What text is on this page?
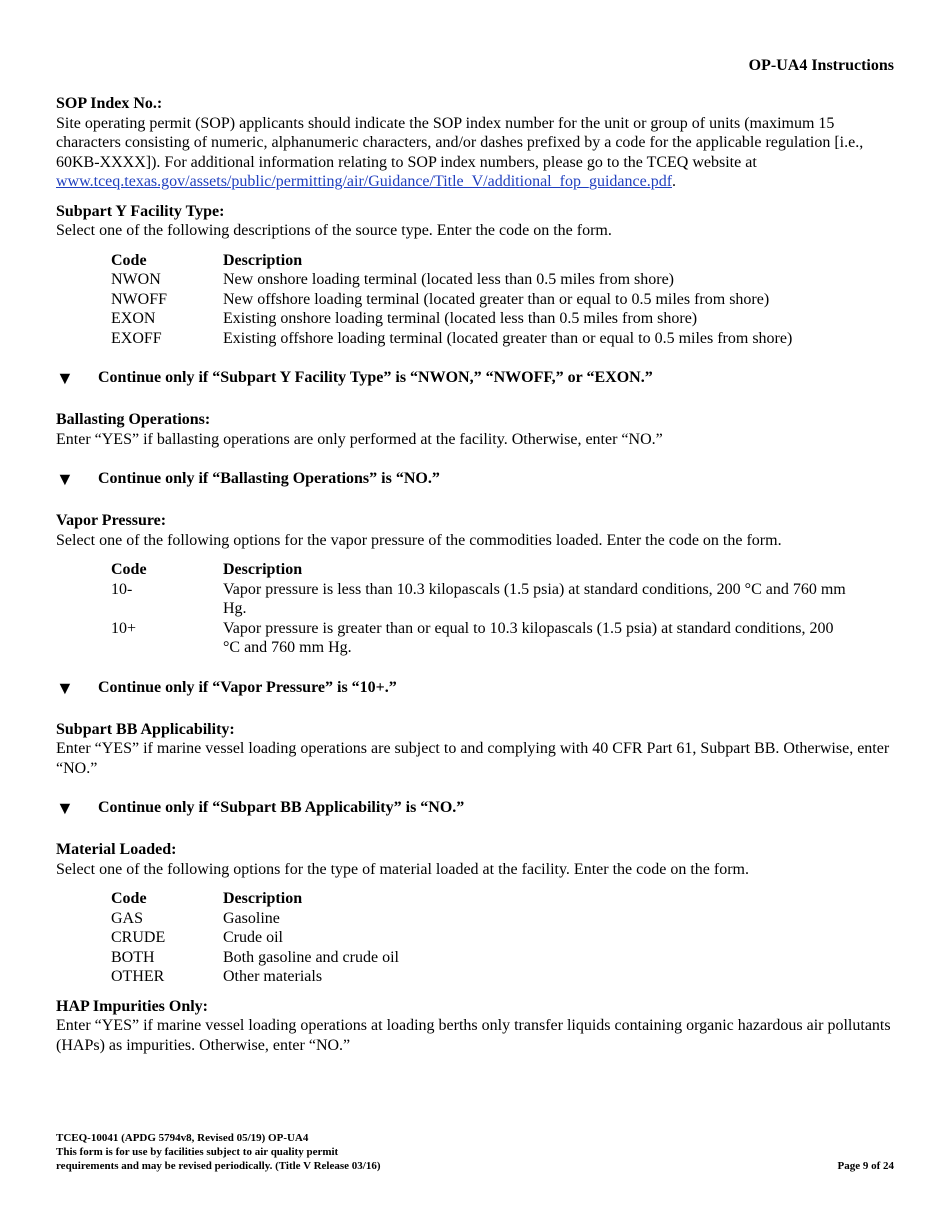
OP-UA4 Instructions

SOP Index No.:

Site operating permit (SOP) applicants should indicate the SOP index number for the unit or group of units (maximum 15 characters consisting of numeric, alphanumeric characters, and/or dashes prefixed by a code for the applicable regulation [i.e., 60KB-XXXX]). For additional information relating to SOP index numbers, please go to the TCEQ website at www.tceq.texas.gov/assets/public/permitting/air/Guidance/Title_V/additional_fop_guidance.pdf.

Subpart Y Facility Type:

Select one of the following descriptions of the source type. Enter the code on the form.

Code	Description
NWON	New onshore loading terminal (located less than 0.5 miles from shore)
NWOFF	New offshore loading terminal (located greater than or equal to 0.5 miles from shore)
EXON	Existing onshore loading terminal (located less than 0.5 miles from shore)
EXOFF	Existing offshore loading terminal (located greater than or equal to 0.5 miles from shore)
▼	Continue only if “Subpart Y Facility Type” is “NWON,” “NWOFF,” or “EXON.”

Ballasting Operations:

Enter “YES” if ballasting operations are only performed at the facility. Otherwise, enter “NO.”

▼	Continue only if “Ballasting Operations” is “NO.”

Vapor Pressure:

Select one of the following options for the vapor pressure of the commodities loaded. Enter the code on the form.

Code	Description
10-	Vapor pressure is less than 10.3 kilopascals (1.5 psia) at standard conditions, 200 °C and 760 mm Hg.
10+	Vapor pressure is greater than or equal to 10.3 kilopascals (1.5 psia) at standard conditions, 200 °C and 760 mm Hg.
▼	Continue only if “Vapor Pressure” is “10+.”

Subpart BB Applicability:

Enter “YES” if marine vessel loading operations are subject to and complying with 40 CFR Part 61, Subpart BB. Otherwise, enter “NO.”

▼	Continue only if “Subpart BB Applicability” is “NO.”

Material Loaded:

Select one of the following options for the type of material loaded at the facility. Enter the code on the form.

Code	Description
GAS	Gasoline
CRUDE	Crude oil
BOTH	Both gasoline and crude oil
OTHER	Other materials

HAP Impurities Only:

Enter “YES” if marine vessel loading operations at loading berths only transfer liquids containing organic hazardous air pollutants (HAPs) as impurities. Otherwise, enter “NO.”

TCEQ-10041 (APDG 5794v8, Revised 05/19) OP-UA4
This form is for use by facilities subject to air quality permit
requirements and may be revised periodically. (Title V Release 03/16)	Page 9 of 24
